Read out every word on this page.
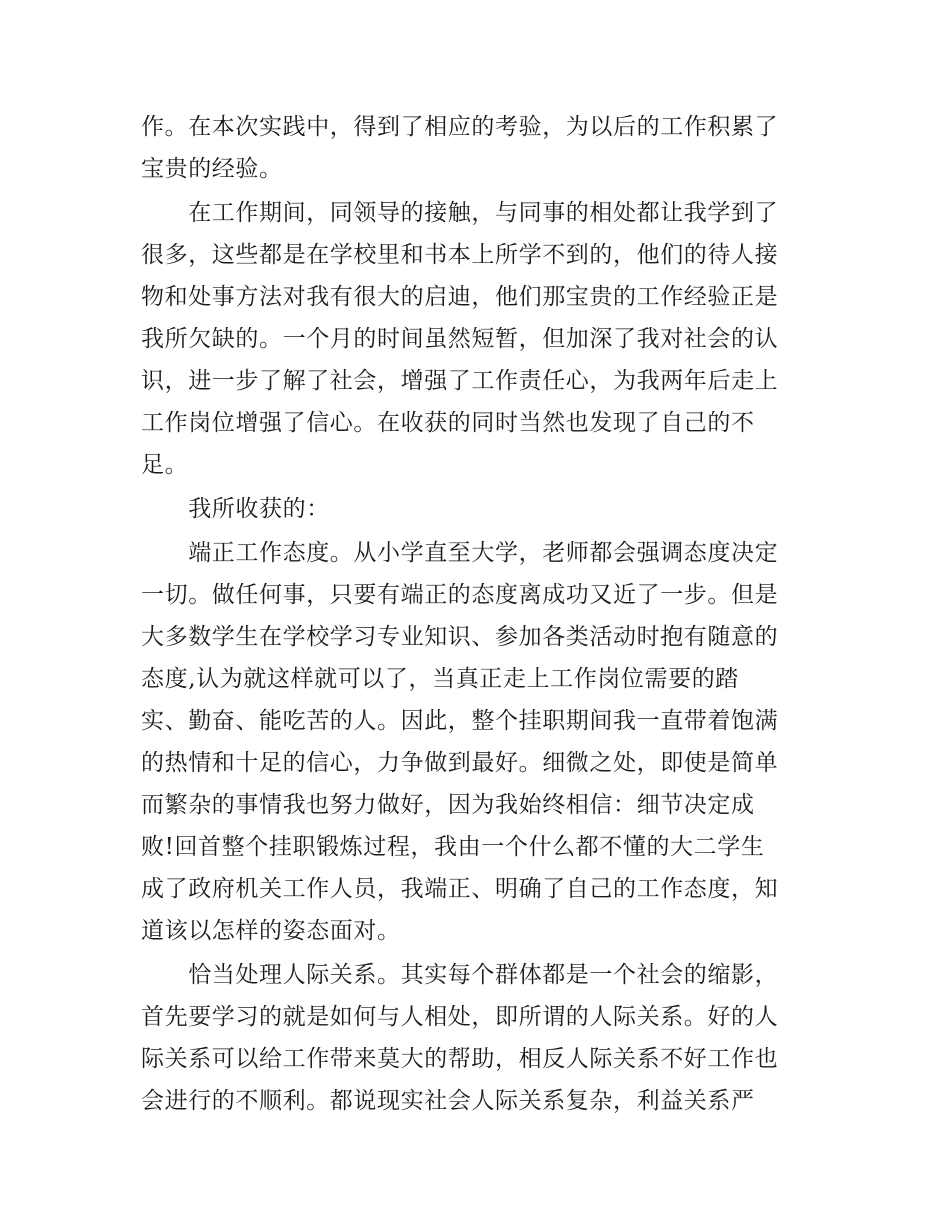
作。在本次实践中，得到了相应的考验，为以后的工作积累了
宝贵的经验。
　　在工作期间，同领导的接触，与同事的相处都让我学到了
很多，这些都是在学校里和书本上所学不到的，他们的待人接
物和处事方法对我有很大的启迪，他们那宝贵的工作经验正是
我所欠缺的。一个月的时间虽然短暂，但加深了我对社会的认
识，进一步了解了社会，增强了工作责任心，为我两年后走上
工作岗位增强了信心。在收获的同时当然也发现了自己的不
足。
　　我所收获的：
　　端正工作态度。从小学直至大学，老师都会强调态度决定
一切。做任何事，只要有端正的态度离成功又近了一步。但是
大多数学生在学校学习专业知识、参加各类活动时抱有随意的
态度,认为就这样就可以了，当真正走上工作岗位需要的踏
实、勤奋、能吃苦的人。因此，整个挂职期间我一直带着饱满
的热情和十足的信心，力争做到最好。细微之处，即使是简单
而繁杂的事情我也努力做好，因为我始终相信：细节决定成
败!回首整个挂职锻炼过程，我由一个什么都不懂的大二学生
成了政府机关工作人员，我端正、明确了自己的工作态度，知
道该以怎样的姿态面对。
　　恰当处理人际关系。其实每个群体都是一个社会的缩影，
首先要学习的就是如何与人相处，即所谓的人际关系。好的人
际关系可以给工作带来莫大的帮助，相反人际关系不好工作也
会进行的不顺利。都说现实社会人际关系复杂，利益关系严
